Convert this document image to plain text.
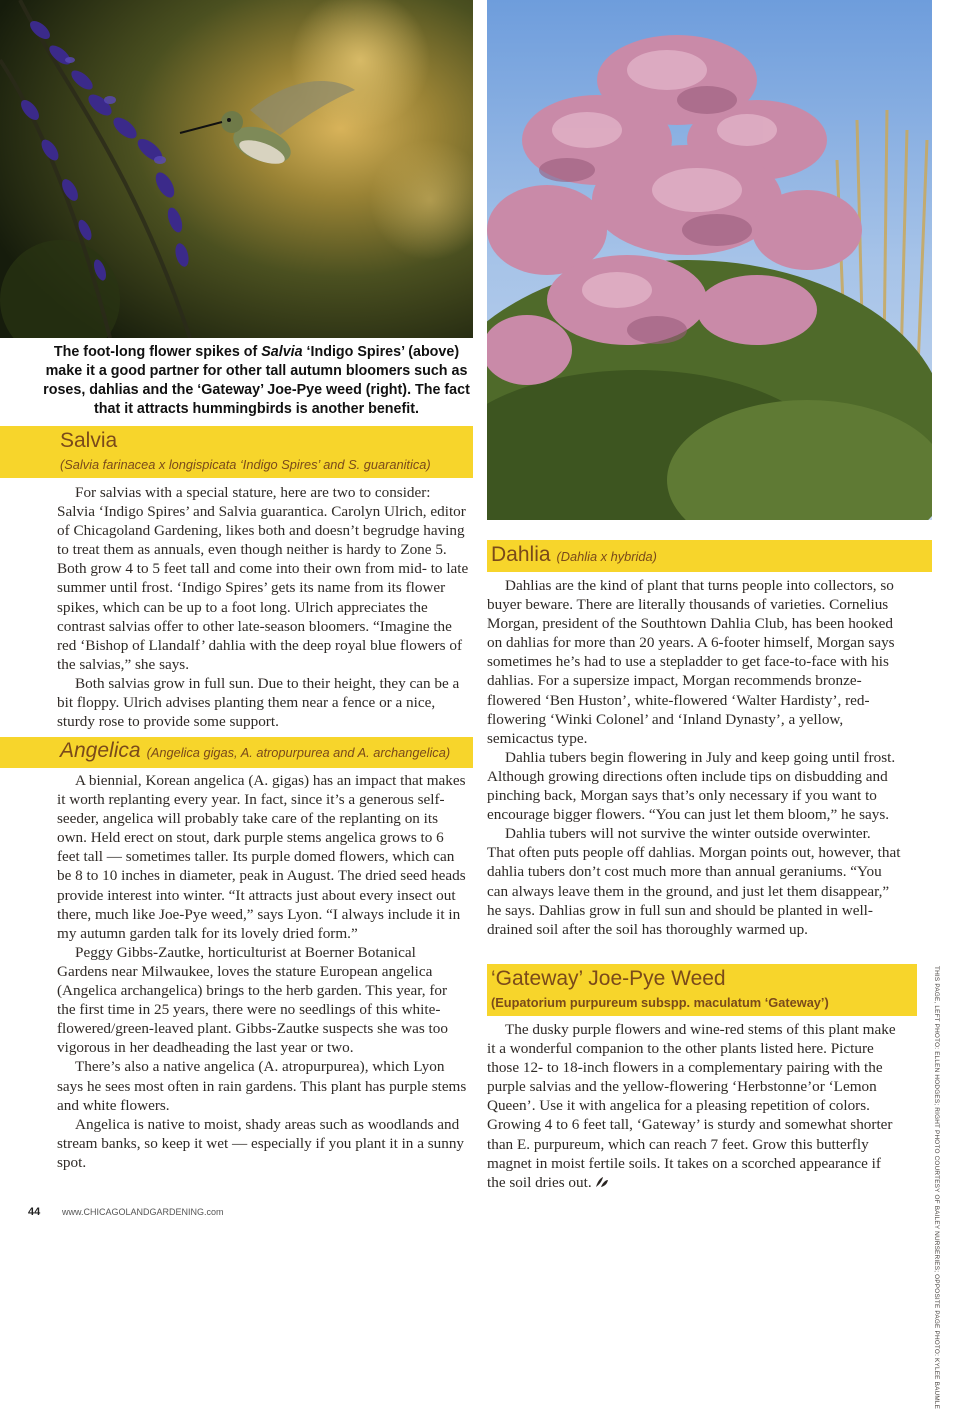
The foot-long flower spikes of Salvia ‘Indigo Spires’ (above) make it a good partner for other tall autumn bloomers such as roses, dahlias and the ‘Gateway’ Joe-Pye weed (right). The fact that it attracts hummingbirds is another benefit.
Salvia
(Salvia farinacea x longispicata ‘Indigo Spires’ and S. guaranitica)

For salvias with a special stature, here are two to consider: Salvia ‘Indigo Spires’ and Salvia guarantica. Carolyn Ulrich, editor of Chicagoland Gardening, likes both and doesn’t begrudge having to treat them as annuals, even though neither is hardy to Zone 5. Both grow 4 to 5 feet tall and come into their own from mid- to late summer until frost. ‘Indigo Spires’ gets its name from its flower spikes, which can be up to a foot long. Ulrich appreciates the contrast salvias offer to other late-season bloomers. “Imagine the red ‘Bishop of Llandalf’ dahlia with the deep royal blue flowers of the salvias,” she says.

Both salvias grow in full sun. Due to their height, they can be a bit floppy. Ulrich advises planting them near a fence or a nice, sturdy rose to provide some support.

Angelica (Angelica gigas, A. atropurpurea and A. archangelica)

A biennial, Korean angelica (A. gigas) has an impact that makes it worth replanting every year. In fact, since it’s a generous self-seeder, angelica will probably take care of the replanting on its own. Held erect on stout, dark purple stems angelica grows to 6 feet tall — sometimes taller. Its purple domed flowers, which can be 8 to 10 inches in diameter, peak in August. The dried seed heads provide interest into winter. “It attracts just about every insect out there, much like Joe-Pye weed,” says Lyon. “I always include it in my autumn garden talk for its lovely dried form.”

Peggy Gibbs-Zautke, horticulturist at Boerner Botanical Gardens near Milwaukee, loves the stature European angelica (Angelica archangelica) brings to the herb garden. This year, for the first time in 25 years, there were no seedlings of this white-flowered/green-leaved plant. Gibbs-Zautke suspects she was too vigorous in her deadheading the last year or two.

There’s also a native angelica (A. atropurpurea), which Lyon says he sees most often in rain gardens. This plant has purple stems and white flowers.

Angelica is native to moist, shady areas such as woodlands and stream banks, so keep it wet — especially if you plant it in a sunny spot.

Dahlia (Dahlia x hybrida)

Dahlias are the kind of plant that turns people into collectors, so buyer beware. There are literally thousands of varieties. Cornelius Morgan, president of the Southtown Dahlia Club, has been hooked on dahlias for more than 20 years. A 6-footer himself, Morgan says sometimes he’s had to use a stepladder to get face-to-face with his dahlias. For a supersize impact, Morgan recommends bronze-flowered ‘Ben Huston’, white-flowered ‘Walter Hardisty’, red-flowering ‘Winki Colonel’ and ‘Inland Dynasty’, a yellow, semicactus type.

Dahlia tubers begin flowering in July and keep going until frost. Although growing directions often include tips on disbudding and pinching back, Morgan says that’s only necessary if you want to encourage bigger flowers. “You can just let them bloom,” he says.

Dahlia tubers will not survive the winter outside overwinter. That often puts people off dahlias. Morgan points out, however, that dahlia tubers don’t cost much more than annual geraniums. “You can always leave them in the ground, and just let them disappear,” he says. Dahlias grow in full sun and should be planted in well-drained soil after the soil has thoroughly warmed up.

‘Gateway’ Joe-Pye Weed
(Eupatorium purpureum subspp. maculatum ‘Gateway’)

The dusky purple flowers and wine-red stems of this plant make it a wonderful companion to the other plants listed here. Picture those 12- to 18-inch flowers in a complementary pairing with the purple salvias and the yellow-flowering ‘Herbstonne’or ‘Lemon Queen’. Use it with angelica for a pleasing repetition of colors. Growing 4 to 6 feet tall, ‘Gateway’ is sturdy and somewhat shorter than E. purpureum, which can reach 7 feet. Grow this butterfly magnet in moist fertile soils. It takes on a scorched appearance if the soil dries out.	THIS PAGE, LEFT PHOTO: ELLEN HODGES; RIGHT PHOTO COURTESY OF BAILEY NURSERIES; OPPOSITE PAGE PHOTO: KYLEE BAUMLE
44 www.CHICAGOLANDGARDENING.com
